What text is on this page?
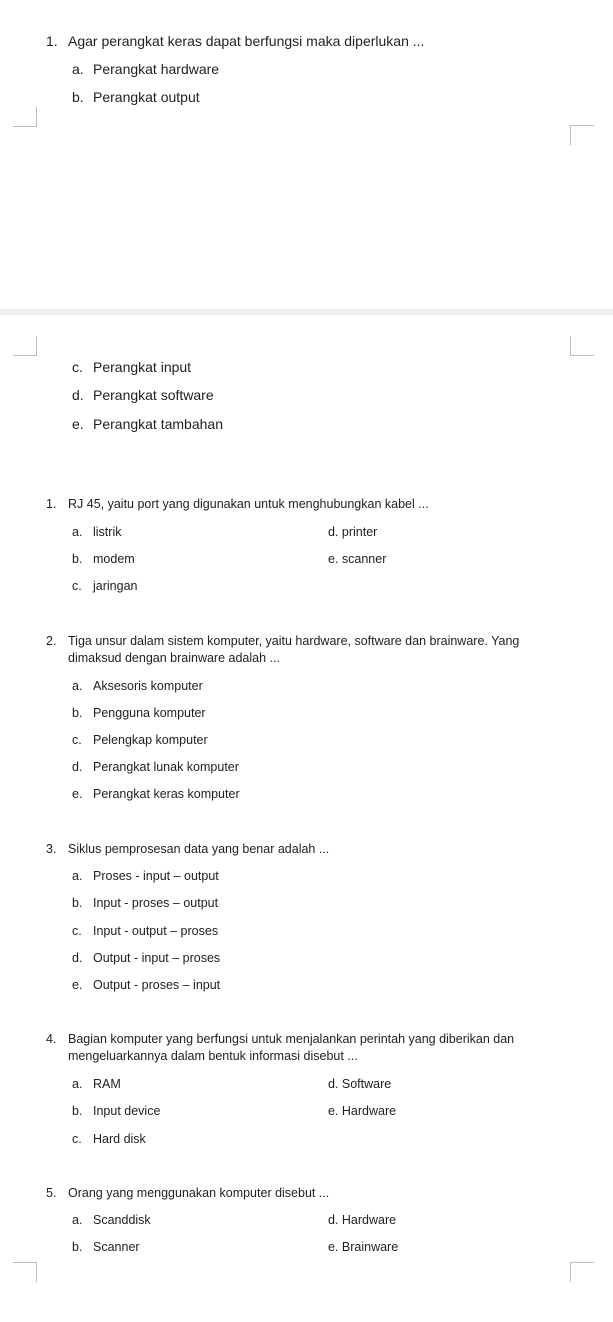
1. Agar perangkat keras dapat berfungsi maka diperlukan ...
a. Perangkat hardware
b. Perangkat output
c. Perangkat input
d. Perangkat software
e. Perangkat tambahan
1. RJ 45, yaitu port yang digunakan untuk menghubungkan kabel ...
a. listrik	d. printer
b. modem	e. scanner
c. jaringan
2. Tiga unsur dalam sistem komputer, yaitu hardware, software dan brainware. Yang
dimaksud dengan brainware adalah ...
a. Aksesoris komputer
b. Pengguna komputer
c. Pelengkap komputer
d. Perangkat lunak komputer
e. Perangkat keras komputer
3. Siklus pemprosesan data yang benar adalah ...
a. Proses - input – output
b. Input - proses – output
c. Input - output – proses
d. Output - input – proses
e. Output - proses – input
4. Bagian komputer yang berfungsi untuk menjalankan perintah yang diberikan dan
mengeluarkannya dalam bentuk informasi disebut ...
a. RAM	d. Software
b. Input device	e. Hardware
c. Hard disk
5. Orang yang menggunakan komputer disebut ...
a. Scanddisk	d. Hardware
b. Scanner	e. Brainware
